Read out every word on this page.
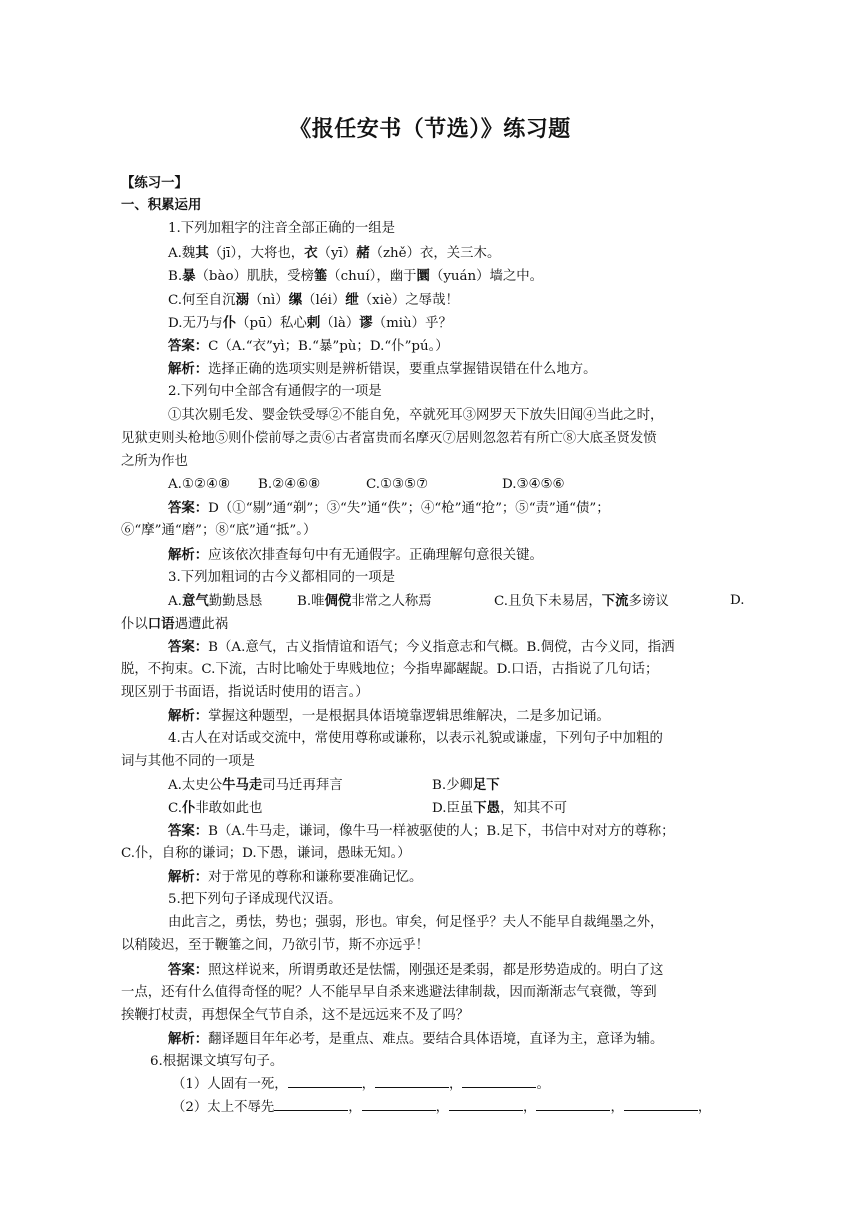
《报任安书（节选）》练习题
【练习一】
一、积累运用
1.下列加粗字的注音全部正确的一组是
A.魏其（jī），大将也，衣（yī）赭（zhě）衣，关三木。
B.暴（bào）肌肤，受榜箠（chuí），幽于圜（yuán）墙之中。
C.何至自沉溺（nì）缧（léi）绁（xiè）之辱哉！
D.无乃与仆（pū）私心剌（là）谬（miù）乎？
答案：C（A.“衣”yì；B.“暴”pù；D.“仆”pú。）
解析：选择正确的选项实则是辨析错误，要重点掌握错误错在什么地方。
2.下列句中全部含有通假字的一项是
①其次剔毛发、婴金铁受辱②不能自免，卒就死耳③网罗天下放失旧闻④当此之时，
见狱吏则头枪地⑤则仆偿前辱之责⑥古者富贵而名摩灭⑦居则忽忽若有所亡⑧大底圣贤发愤
之所为作也
A.①②④⑧ B.②④⑥⑧	C.①③⑤⑦	D.③④⑤⑥
答案：D（①“剔”通“剃”；③“失”通“佚”；④“枪”通“抢”；⑤“责”通“债”；
⑥“摩”通“磨”；⑧“底”通“抵”。）
解析：应该依次排查每句中有无通假字。正确理解句意很关键。
3.下列加粗词的古今义都相同的一项是
A.意气勤勤恳恳	B.唯倜傥非常之人称焉	C.且负下未易居，下流多谤议	D.
仆以口语遇遭此祸
答案：B（A.意气，古义指情谊和语气；今义指意志和气概。B.倜傥，古今义同，指洒
脱，不拘束。C.下流，古时比喻处于卑贱地位；今指卑鄙龌龊。D.口语，古指说了几句话；
现区别于书面语，指说话时使用的语言。）
解析：掌握这种题型，一是根据具体语境靠逻辑思维解决，二是多加记诵。
4.古人在对话或交流中，常使用尊称或谦称，以表示礼貌或谦虚，下列句子中加粗的
词与其他不同的一项是
A.太史公牛马走司马迁再拜言	B.少卿足下
C.仆非敢如此也	D.臣虽下愚，知其不可
答案：B（A.牛马走，谦词，像牛马一样被驱使的人；B.足下，书信中对对方的尊称；
C.仆，自称的谦词；D.下愚，谦词，愚昧无知。）
解析：对于常见的尊称和谦称要准确记忆。
5.把下列句子译成现代汉语。
由此言之，勇怯，势也；强弱，形也。审矣，何足怪乎？夫人不能早自裁绳墨之外，
以稍陵迟，至于鞭箠之间，乃欲引节，斯不亦远乎！
答案：照这样说来，所谓勇敢还是怯懦，刚强还是柔弱，都是形势造成的。明白了这
一点，还有什么值得奇怪的呢？人不能早早自杀来逃避法律制裁，因而渐渐志气衰微，等到
挨鞭打杖责，再想保全气节自杀，这不是远远来不及了吗？
解析：翻译题目年年必考，是重点、难点。要结合具体语境，直译为主，意译为辅。
6.根据课文填写句子。
（1）人固有一死，	，	，	。
（2）太上不辱先	，	，	，	，	，
